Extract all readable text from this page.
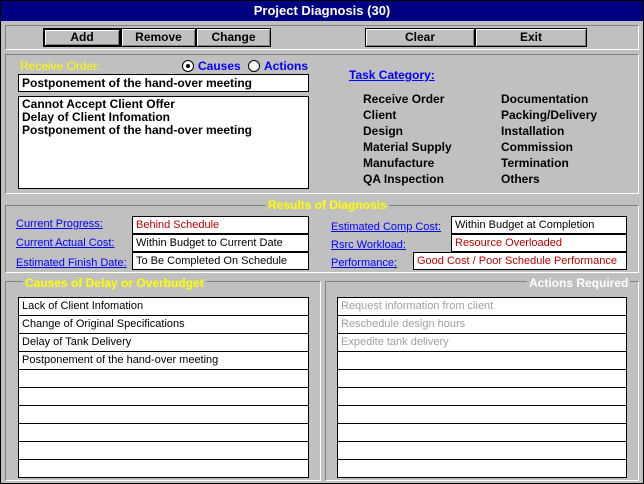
Project Diagnosis (30)
Add	Remove	Change	Clear	Exit
Receive Order:	Causes Actions
Postponement of the hand-over meeting
Cannot Accept Client Offer
Delay of Client Infomation
Postponement of the hand-over meeting
Task Category:
Receive Order
Client
Design
Material Supply
Manufacture
QA Inspection
Documentation
Packing/Delivery
Installation
Commission
Termination
Others
Results of Diagnosis
Current Progress:	Behind Schedule
Current Actual Cost:	Within Budget to Current Date
Estimated Finish Date: To Be Completed On Schedule
Estimated Comp Cost:	Within Budget at Completion
Rsrc Workload:	Resource Overloaded
Performance:	Good Cost / Poor Schedule Performance
Causes of Delay or Overbudget
Lack of Client Infomation
Change of Original Specifications
Delay of Tank Delivery
Postponement of the hand-over meeting
Actions Required
Request information from client
Reschedule design hours
Expedite tank delivery
